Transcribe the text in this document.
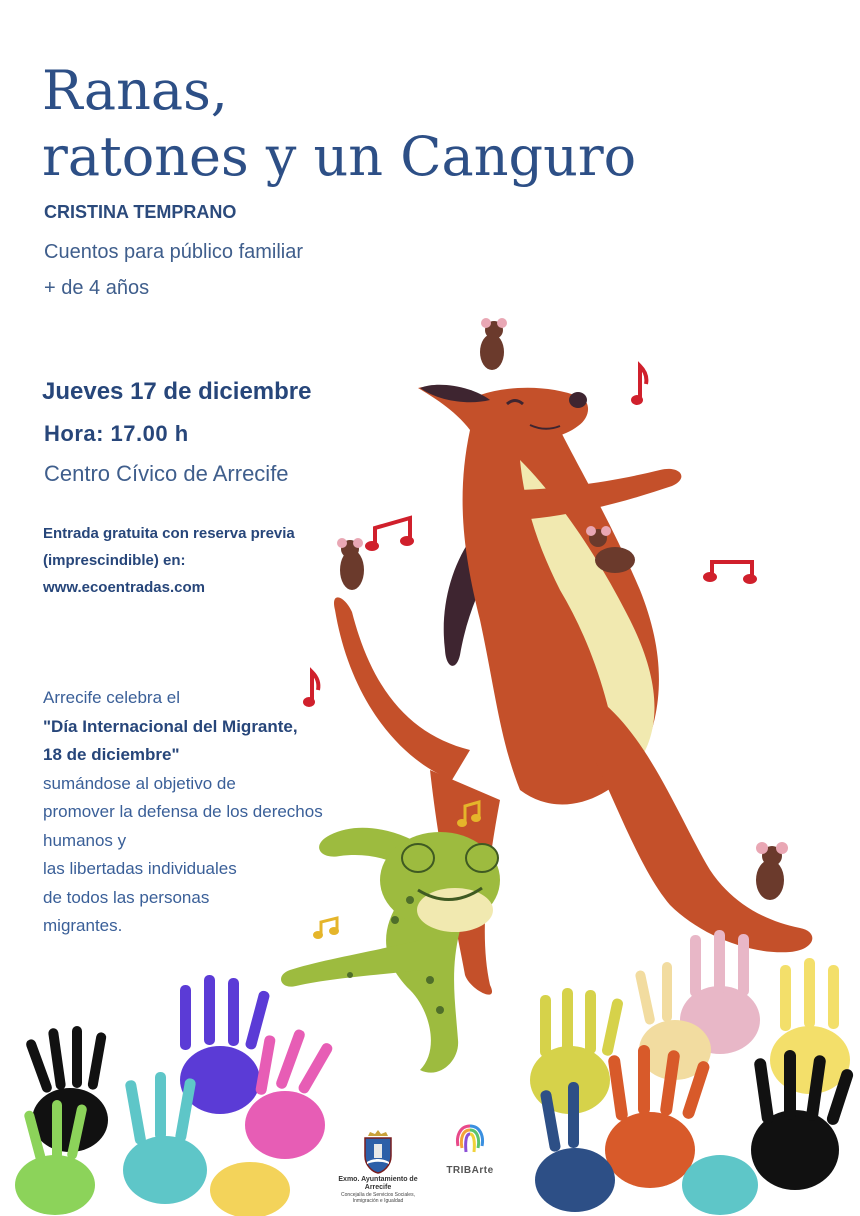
Ranas,
ratones y un Canguro
CRISTINA TEMPRANO
Cuentos para público familiar
+ de 4 años
Jueves 17 de diciembre
Hora: 17.00 h
Centro Cívico de Arrecife
Entrada gratuita con reserva previa
(imprescindible) en:
www.ecoentradas.com
Arrecife celebra el
"Día Internacional del Migrante,
18 de diciembre"
sumándose al objetivo de
promover la defensa de los derechos
humanos y
las libertadas individuales
de todos las personas
migrantes.
Exmo. Ayuntamiento de Arrecife
Concejalía de Servicios Sociales, Inmigración e Igualdad
TRIBArte
